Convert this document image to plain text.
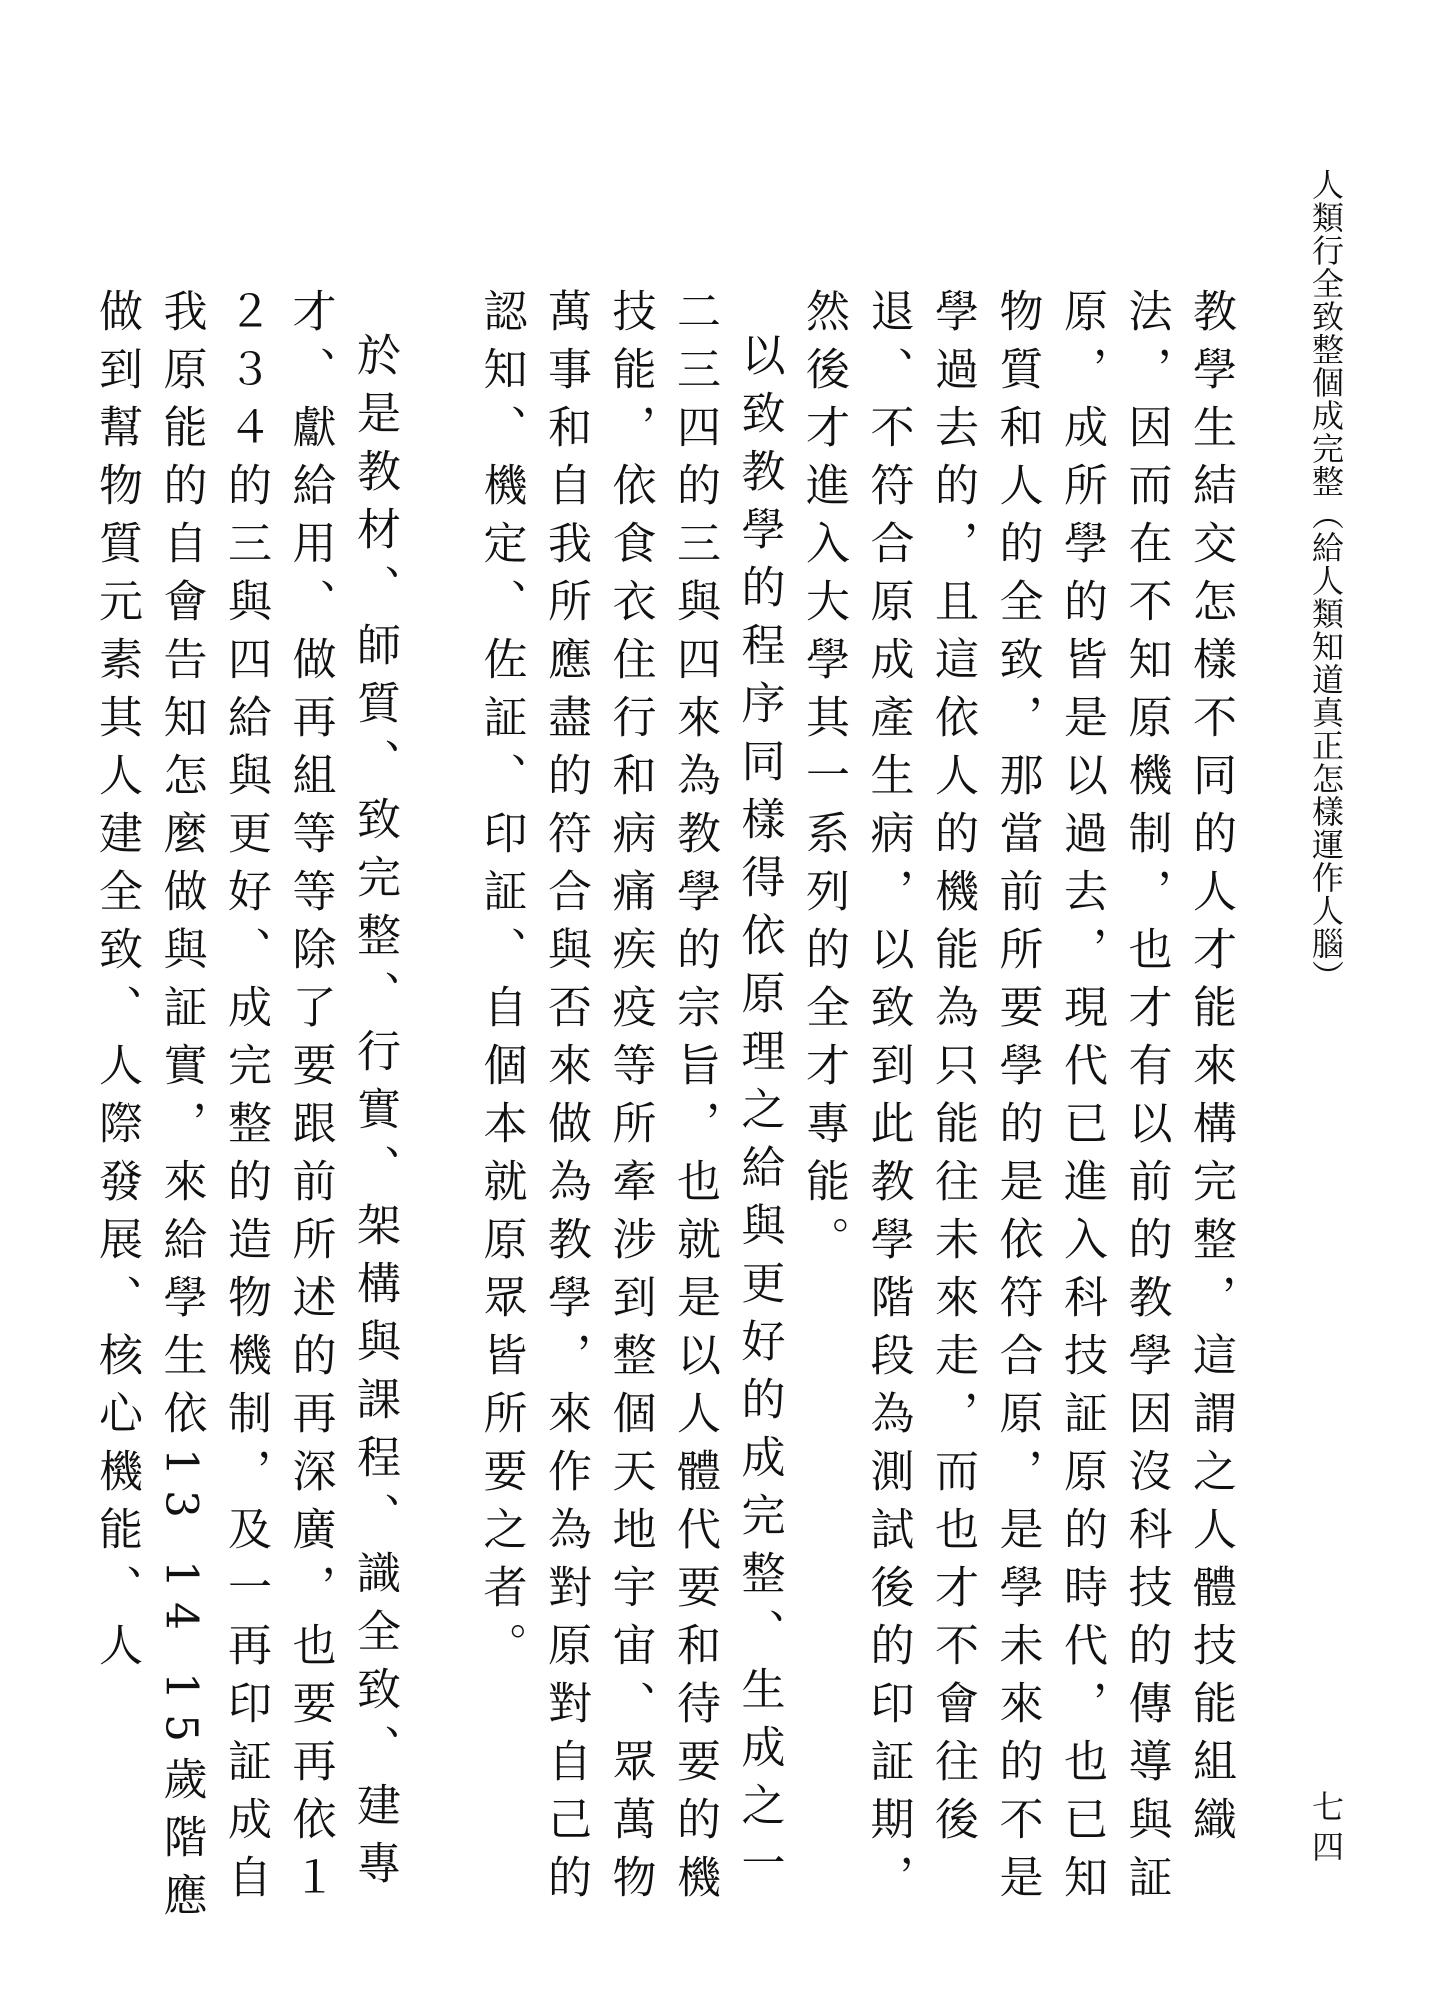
人類行全致整個成完整（給人類知道真正怎樣運作人腦）
七四

教學生結交怎樣不同的人才能來構完整，這謂之人體技能組織法，因而在不知原機制，也才有以前的教學因沒科技的傳導與証原，成所學的皆是以過去，現代已進入科技証原的時代，也已知物質和人的全致，那當前所要學的是依符合原，是學未來的不是學過去的，且這依人的機能為只能往未來走，而也才不會往後退、不符合原成產生病，以致到此教學階段為測試後的印証期，然後才進入大學其一系列的全才專能。

以致教學的程序同樣得依原理之給與更好的成完整、生成之一二三四的三與四來為教學的宗旨，也就是以人體代要和待要的機技能，依食衣住行和病痛疾疫等所牽涉到整個天地宇宙、眾萬物萬事和自我所應盡的符合與否來做為教學，來作為對原對自己的認知、機定、佐証、印証、自個本就原眾皆所要之者。

於是教材、師質、致完整、行實、架構與課程、識全致、建專才、獻給用、做再組等等除了要跟前所述的再深廣，也要再依１２３４的三與四給與更好、成完整的造物機制，及一再印証成自我原能的自會告知怎麼做與証實，來給學生依13 14 15歲階應做到幫物質元素其人建全致、人際發展、核心機能、人
